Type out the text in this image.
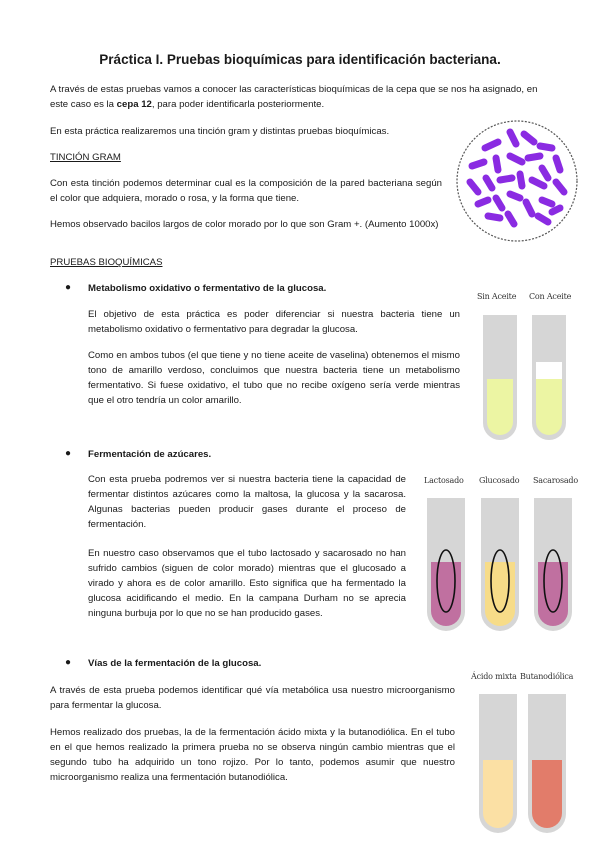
Práctica I. Pruebas bioquímicas para identificación bacteriana.
A través de estas pruebas vamos a conocer las características bioquímicas de la cepa que se nos ha asignado, en este caso es la cepa 12, para poder identificarla posteriormente.
En esta práctica realizaremos una tinción gram y distintas pruebas bioquímicas.
TINCIÓN GRAM
Con esta tinción podemos determinar cual es la composición de la pared bacteriana según el color que adquiera, morado o rosa, y la forma que tiene.
Hemos observado bacilos largos de color morado por lo que son Gram +. (Aumento 1000x)
PRUEBAS BIOQUÍMICAS
● Metabolismo oxidativo o fermentativo de la glucosa.
El objetivo de esta práctica es poder diferenciar si nuestra bacteria tiene un metabolismo oxidativo o fermentativo para degradar la glucosa.
Como en ambos tubos (el que tiene y no tiene aceite de vaselina) obtenemos el mismo tono de amarillo verdoso, concluimos que nuestra bacteria tiene un metabolismo fermentativo. Si fuese oxidativo, el tubo que no recibe oxígeno sería verde mientras que el otro tendría un color amarillo.
Sin Aceite Con Aceite
● Fermentación de azúcares.
Con esta prueba podremos ver si nuestra bacteria tiene la capacidad de fermentar distintos azúcares como la maltosa, la glucosa y la sacarosa. Algunas bacterias pueden producir gases durante el proceso de fermentación.
En nuestro caso observamos que el tubo lactosado y sacarosado no han sufrido cambios (siguen de color morado) mientras que el glucosado a virado y ahora es de color amarillo. Esto significa que ha fermentado la glucosa acidificando el medio. En la campana Durham no se aprecia ninguna burbuja por lo que no se han producido gases.
Lactosado Glucosado Sacarosado
● Vías de la fermentación de la glucosa.
A través de esta prueba podemos identificar qué vía metabólica usa nuestro microorganismo para fermentar la glucosa.
Hemos realizado dos pruebas, la de la fermentación ácido mixta y la butanodiólica. En el tubo en el que hemos realizado la primera prueba no se observa ningún cambio mientras que el segundo tubo ha adquirido un tono rojizo. Por lo tanto, podemos asumir que nuestro microorganismo realiza una fermentación butanodiólica.
Ácido mixta Butanodiólica
